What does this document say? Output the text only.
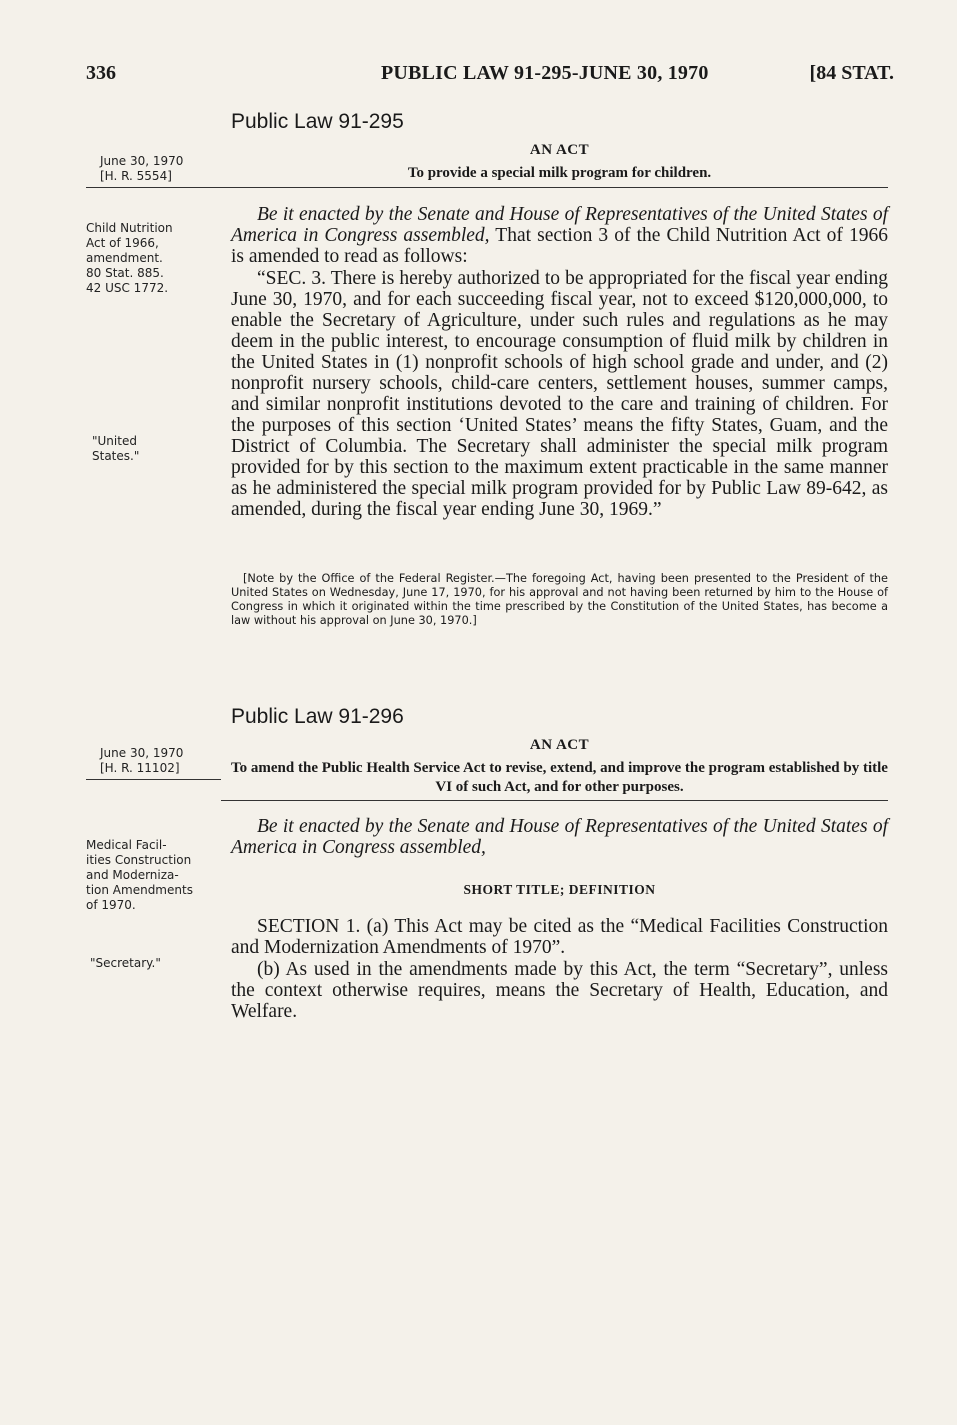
336	PUBLIC LAW 91-295-JUNE 30, 1970	[84 STAT.
Public Law 91-295
June 30, 1970
[H. R. 5554]
AN ACT
To provide a special milk program for children.
Child Nutrition
Act of 1966,
amendment.
80 Stat. 885.
42 USC 1772.
Be it enacted by the Senate and House of Representatives of the United States of America in Congress assembled, That section 3 of the Child Nutrition Act of 1966 is amended to read as follows:
“SEC. 3. There is hereby authorized to be appropriated for the fiscal year ending June 30, 1970, and for each succeeding fiscal year, not to exceed $120,000,000, to enable the Secretary of Agriculture, under such rules and regulations as he may deem in the public interest, to encourage consumption of fluid milk by children in the United States in (1) nonprofit schools of high school grade and under, and (2) nonprofit nursery schools, child-care centers, settlement houses, summer camps, and similar nonprofit institutions devoted to the care and training of children. For the purposes of this section ‘United States’ means the fifty States, Guam, and the District of Columbia. The Secretary shall administer the special milk program provided for by this section to the maximum extent practicable in the same manner as he administered the special milk program provided for by Public Law 89-642, as amended, during the fiscal year ending June 30, 1969.”
"United
States."
[Note by the Office of the Federal Register.—The foregoing Act, having been presented to the President of the United States on Wednesday, June 17, 1970, for his approval and not having been returned by him to the House of Congress in which it originated within the time prescribed by the Constitution of the United States, has become a law without his approval on June 30, 1970.]
Public Law 91-296
June 30, 1970
[H. R. 11102]
AN ACT
To amend the Public Health Service Act to revise, extend, and improve the program established by title VI of such Act, and for other purposes.
Medical Facil-
ities Construction
and Moderniza-
tion Amendments
of 1970.
Be it enacted by the Senate and House of Representatives of the United States of America in Congress assembled,
SHORT TITLE; DEFINITION
SECTION 1. (a) This Act may be cited as the “Medical Facilities Construction and Modernization Amendments of 1970”.
(b) As used in the amendments made by this Act, the term “Secretary”, unless the context otherwise requires, means the Secretary of Health, Education, and Welfare.
"Secretary."
